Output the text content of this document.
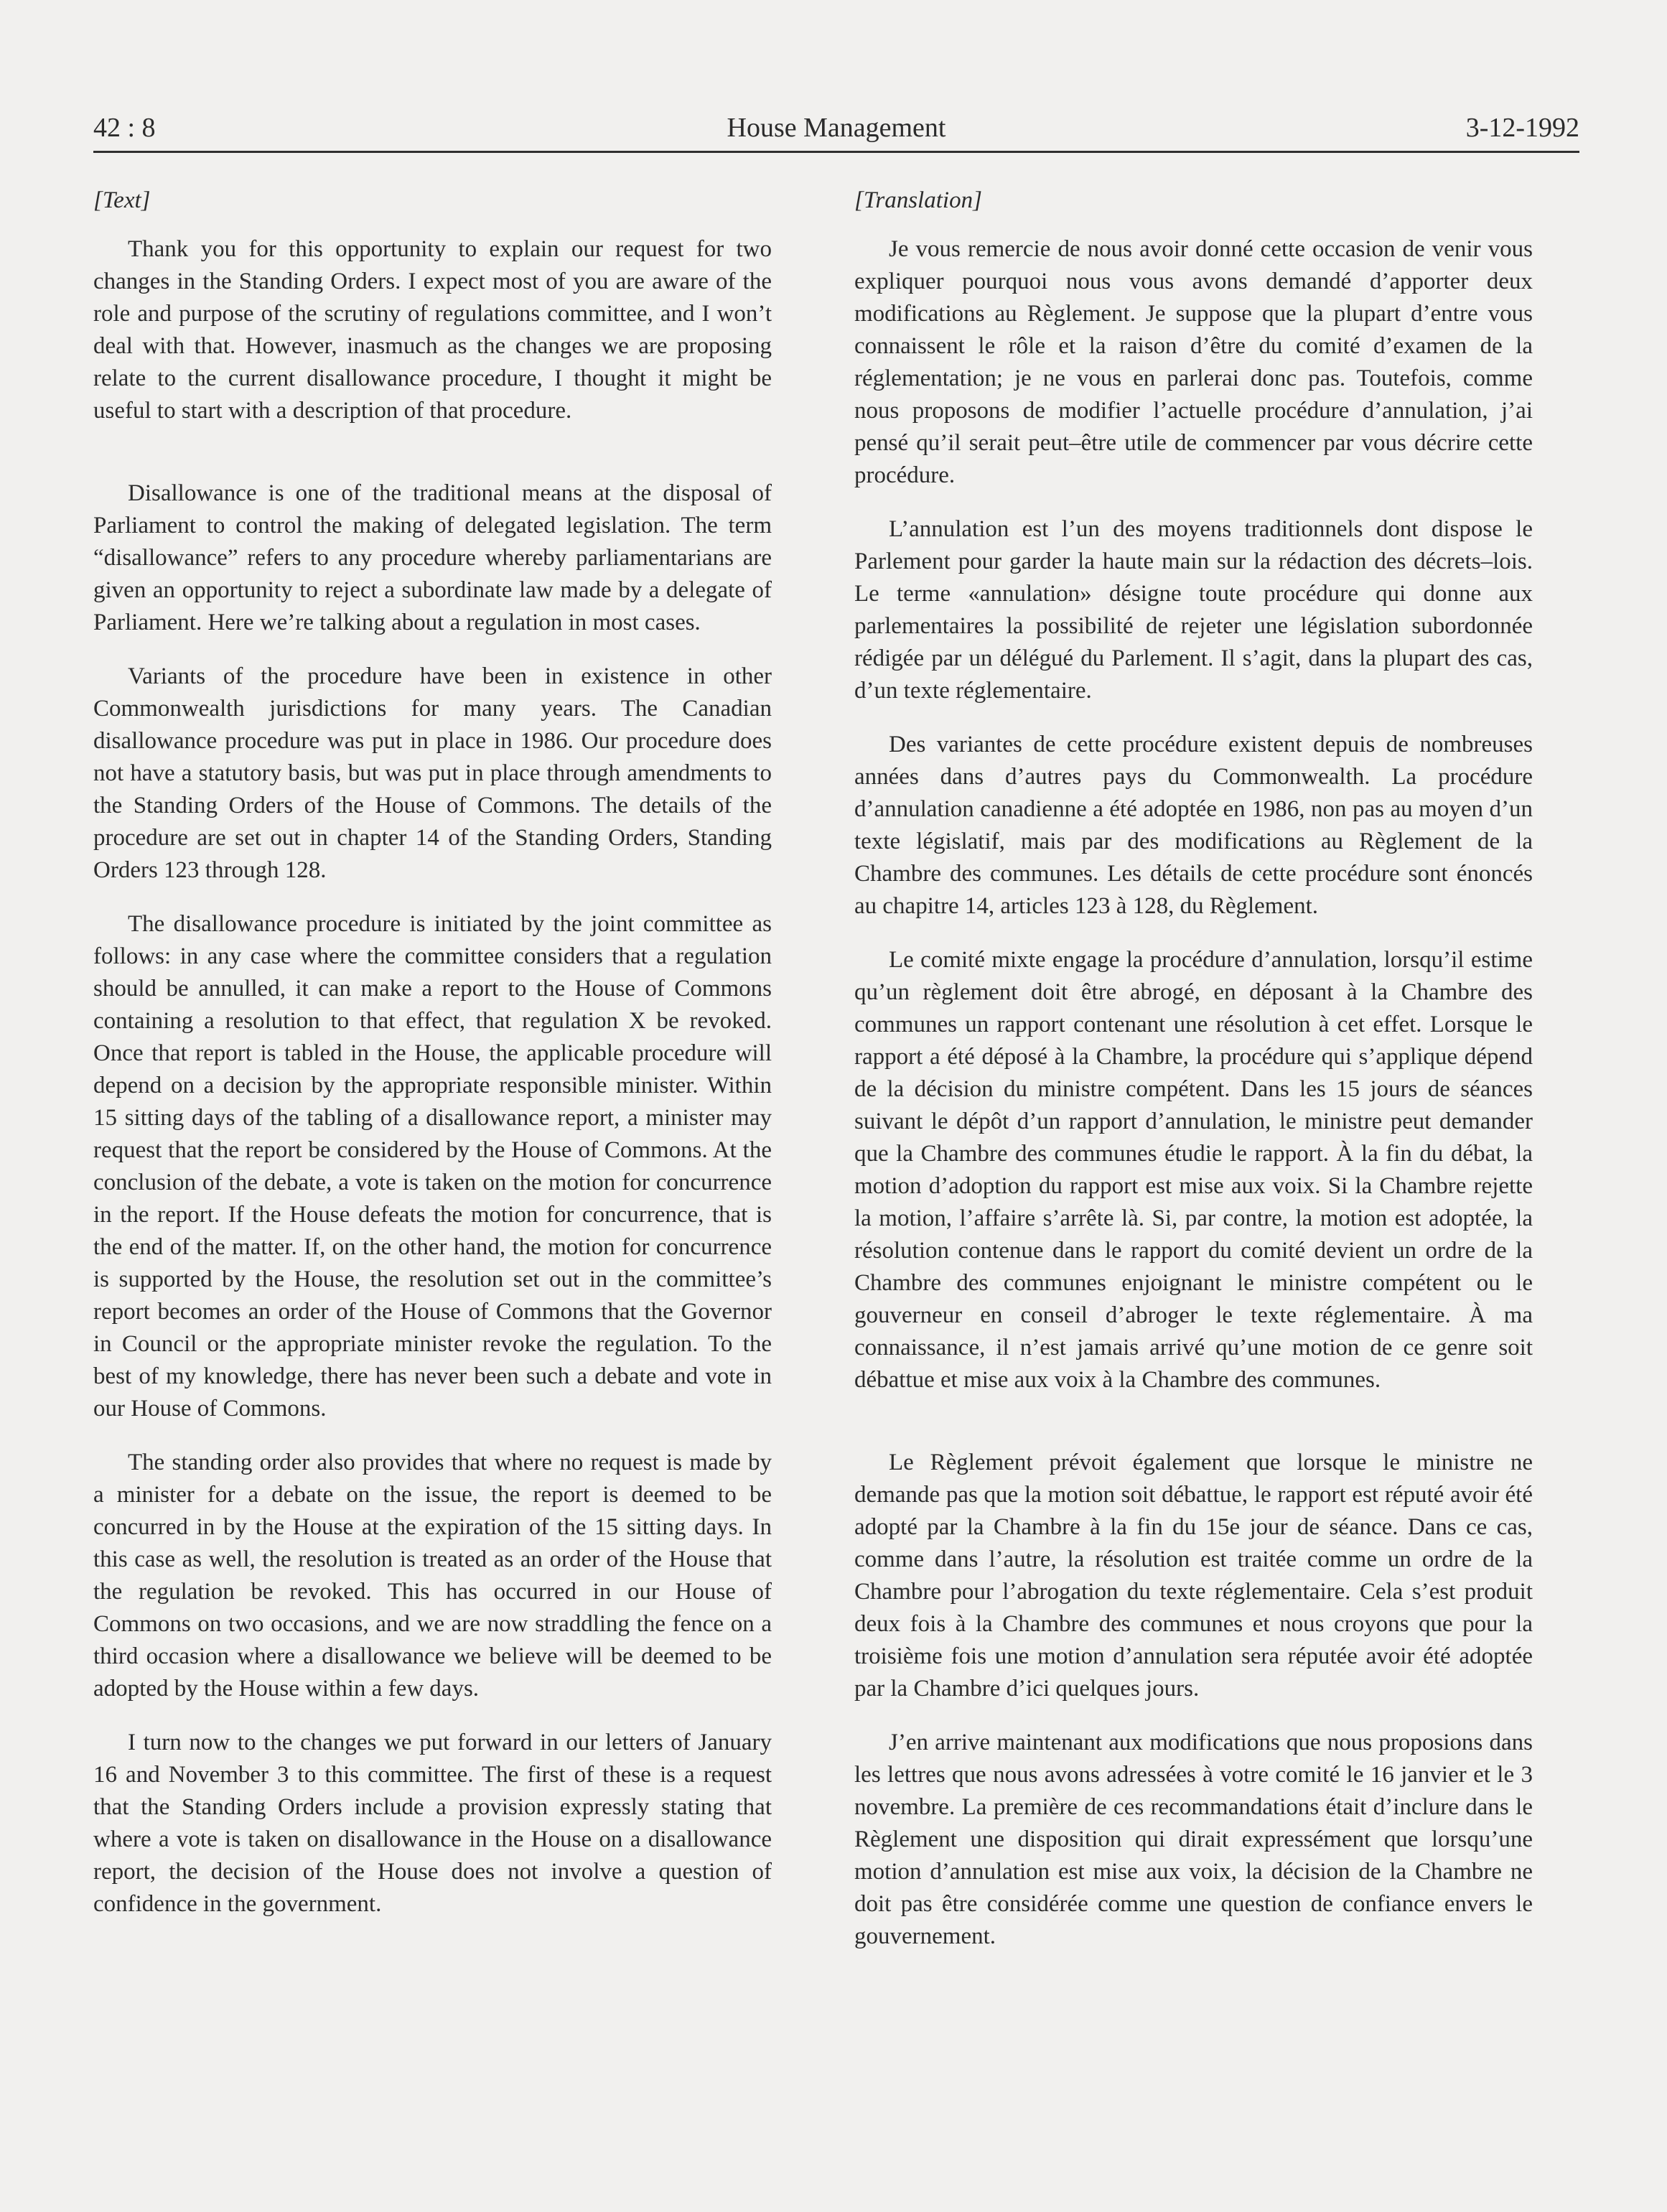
42 : 8	House Management	3-12-1992

[Text]

Thank you for this opportunity to explain our request for two changes in the Standing Orders. I expect most of you are aware of the role and purpose of the scrutiny of regulations committee, and I won’t deal with that. However, inasmuch as the changes we are proposing relate to the current disallowance procedure, I thought it might be useful to start with a description of that procedure.

Disallowance is one of the traditional means at the disposal of Parliament to control the making of delegated legislation. The term “disallowance” refers to any procedure whereby parliamentarians are given an opportunity to reject a subordinate law made by a delegate of Parliament. Here we’re talking about a regulation in most cases.

Variants of the procedure have been in existence in other Commonwealth jurisdictions for many years. The Canadian disallowance procedure was put in place in 1986. Our procedure does not have a statutory basis, but was put in place through amendments to the Standing Orders of the House of Commons. The details of the procedure are set out in chapter 14 of the Standing Orders, Standing Orders 123 through 128.

The disallowance procedure is initiated by the joint committee as follows: in any case where the committee considers that a regulation should be annulled, it can make a report to the House of Commons containing a resolution to that effect, that regulation X be revoked. Once that report is tabled in the House, the applicable procedure will depend on a decision by the appropriate responsible minister. Within 15 sitting days of the tabling of a disallowance report, a minister may request that the report be considered by the House of Commons. At the conclusion of the debate, a vote is taken on the motion for concurrence in the report. If the House defeats the motion for concurrence, that is the end of the matter. If, on the other hand, the motion for concurrence is supported by the House, the resolution set out in the committee’s report becomes an order of the House of Commons that the Governor in Council or the appropriate minister revoke the regulation. To the best of my knowledge, there has never been such a debate and vote in our House of Commons.

The standing order also provides that where no request is made by a minister for a debate on the issue, the report is deemed to be concurred in by the House at the expiration of the 15 sitting days. In this case as well, the resolution is treated as an order of the House that the regulation be revoked. This has occurred in our House of Commons on two occasions, and we are now straddling the fence on a third occasion where a disallowance we believe will be deemed to be adopted by the House within a few days.

I turn now to the changes we put forward in our letters of January 16 and November 3 to this committee. The first of these is a request that the Standing Orders include a provision expressly stating that where a vote is taken on disallowance in the House on a disallowance report, the decision of the House does not involve a question of confidence in the government.

[Translation]

Je vous remercie de nous avoir donné cette occasion de venir vous expliquer pourquoi nous vous avons demandé d’apporter deux modifications au Règlement. Je suppose que la plupart d’entre vous connaissent le rôle et la raison d’être du comité d’examen de la réglementation; je ne vous en parlerai donc pas. Toutefois, comme nous proposons de modifier l’actuelle procédure d’annulation, j’ai pensé qu’il serait peut–être utile de commencer par vous décrire cette procédure.

L’annulation est l’un des moyens traditionnels dont dispose le Parlement pour garder la haute main sur la rédaction des décrets–lois. Le terme «annulation» désigne toute procédure qui donne aux parlementaires la possibilité de rejeter une législation subordonnée rédigée par un délégué du Parlement. Il s’agit, dans la plupart des cas, d’un texte réglementaire.

Des variantes de cette procédure existent depuis de nombreuses années dans d’autres pays du Commonwealth. La procédure d’annulation canadienne a été adoptée en 1986, non pas au moyen d’un texte législatif, mais par des modifications au Règlement de la Chambre des communes. Les détails de cette procédure sont énoncés au chapitre 14, articles 123 à 128, du Règlement.

Le comité mixte engage la procédure d’annulation, lorsqu’il estime qu’un règlement doit être abrogé, en déposant à la Chambre des communes un rapport contenant une résolution à cet effet. Lorsque le rapport a été déposé à la Chambre, la procédure qui s’applique dépend de la décision du ministre compétent. Dans les 15 jours de séances suivant le dépôt d’un rapport d’annulation, le ministre peut demander que la Chambre des communes étudie le rapport. À la fin du débat, la motion d’adoption du rapport est mise aux voix. Si la Chambre rejette la motion, l’affaire s’arrête là. Si, par contre, la motion est adoptée, la résolution contenue dans le rapport du comité devient un ordre de la Chambre des communes enjoignant le ministre compétent ou le gouverneur en conseil d’abroger le texte réglementaire. À ma connaissance, il n’est jamais arrivé qu’une motion de ce genre soit débattue et mise aux voix à la Chambre des communes.

Le Règlement prévoit également que lorsque le ministre ne demande pas que la motion soit débattue, le rapport est réputé avoir été adopté par la Chambre à la fin du 15e jour de séance. Dans ce cas, comme dans l’autre, la résolution est traitée comme un ordre de la Chambre pour l’abrogation du texte réglementaire. Cela s’est produit deux fois à la Chambre des communes et nous croyons que pour la troisième fois une motion d’annulation sera réputée avoir été adoptée par la Chambre d’ici quelques jours.

J’en arrive maintenant aux modifications que nous proposions dans les lettres que nous avons adressées à votre comité le 16 janvier et le 3 novembre. La première de ces recommandations était d’inclure dans le Règlement une disposition qui dirait expressément que lorsqu’une motion d’annulation est mise aux voix, la décision de la Chambre ne doit pas être considérée comme une question de confiance envers le gouvernement.
